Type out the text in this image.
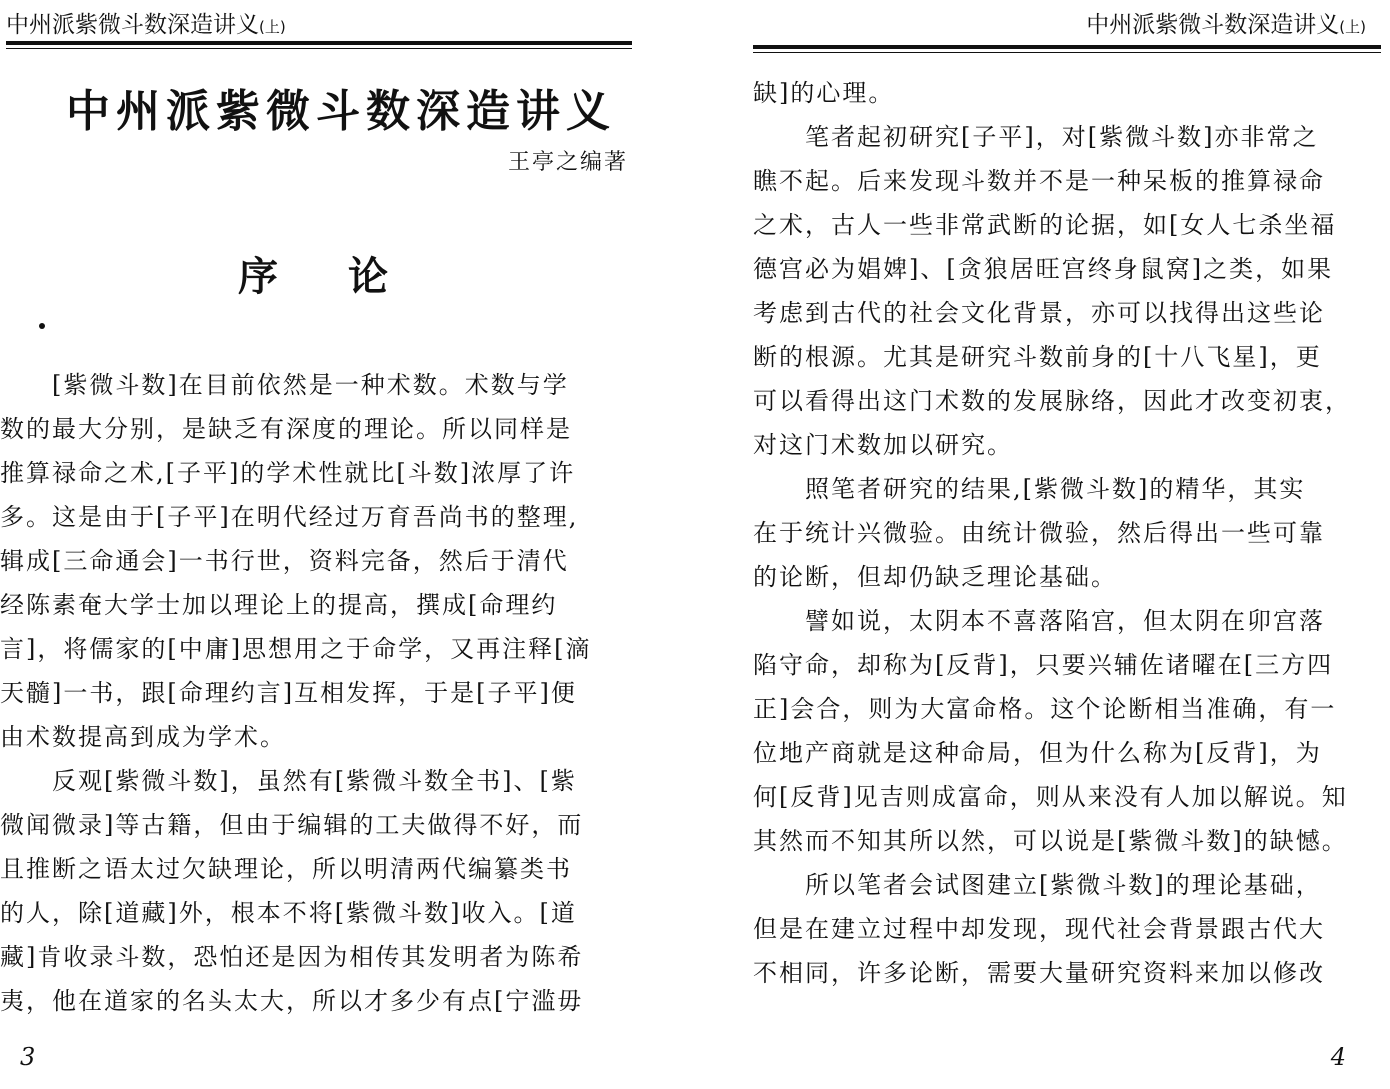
中州派紫微斗数深造讲义(上)
中州派紫微斗数深造讲义
王亭之编著
序论
　　[紫微斗数]在目前依然是一种术数。术数与学
数的最大分别，是缺乏有深度的理论。所以同样是
推算禄命之术,[子平]的学术性就比[斗数]浓厚了许
多。这是由于[子平]在明代经过万育吾尚书的整理,
辑成[三命通会]一书行世，资料完备，然后于清代
经陈素奄大学士加以理论上的提高，撰成[命理约
言]，将儒家的[中庸]思想用之于命学，又再注释[滴
天髓]一书，跟[命理约言]互相发挥，于是[子平]便
由术数提高到成为学术。
　　反观[紫微斗数]，虽然有[紫微斗数全书]、[紫
微闻微录]等古籍，但由于编辑的工夫做得不好，而
且推断之语太过欠缺理论，所以明清两代编纂类书
的人，除[道藏]外，根本不将[紫微斗数]收入。[道
藏]肯收录斗数，恐怕还是因为相传其发明者为陈希
夷，他在道家的名头太大，所以才多少有点[宁滥毋
3
中州派紫微斗数深造讲义(上)
缺]的心理。
　　笔者起初研究[子平]，对[紫微斗数]亦非常之
瞧不起。后来发现斗数并不是一种呆板的推算禄命
之术，古人一些非常武断的论据，如[女人七杀坐福
德宫必为娼婢]、[贪狼居旺宫终身鼠窝]之类，如果
考虑到古代的社会文化背景，亦可以找得出这些论
断的根源。尤其是研究斗数前身的[十八飞星]，更
可以看得出这门术数的发展脉络，因此才改变初衷，
对这门术数加以研究。
　　照笔者研究的结果,[紫微斗数]的精华，其实
在于统计兴微验。由统计微验，然后得出一些可靠
的论断，但却仍缺乏理论基础。
　　譬如说，太阴本不喜落陷宫，但太阴在卯宫落
陷守命，却称为[反背]，只要兴辅佐诸曜在[三方四
正]会合，则为大富命格。这个论断相当准确，有一
位地产商就是这种命局，但为什么称为[反背]，为
何[反背]见吉则成富命，则从来没有人加以解说。知
其然而不知其所以然，可以说是[紫微斗数]的缺憾。
　　所以笔者会试图建立[紫微斗数]的理论基础，
但是在建立过程中却发现，现代社会背景跟古代大
不相同，许多论断，需要大量研究资料来加以修改
4
